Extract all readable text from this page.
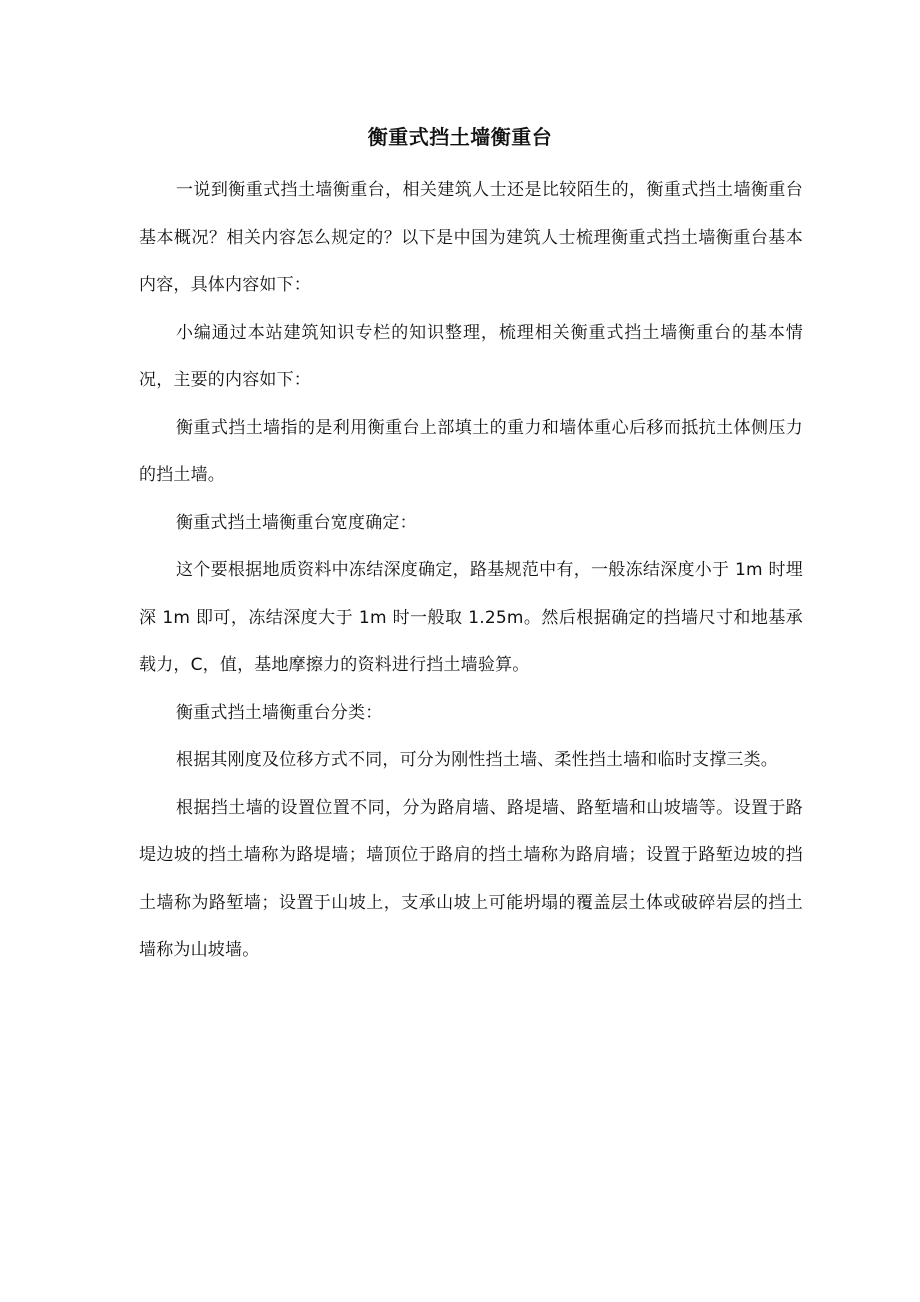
衡重式挡土墙衡重台

一说到衡重式挡土墙衡重台，相关建筑人士还是比较陌生的，衡重式挡土墙衡重台基本概况？相关内容怎么规定的？以下是中国为建筑人士梳理衡重式挡土墙衡重台基本内容，具体内容如下：

小编通过本站建筑知识专栏的知识整理，梳理相关衡重式挡土墙衡重台的基本情况，主要的内容如下：

衡重式挡土墙指的是利用衡重台上部填土的重力和墙体重心后移而抵抗土体侧压力的挡土墙。

衡重式挡土墙衡重台宽度确定：

这个要根据地质资料中冻结深度确定，路基规范中有，一般冻结深度小于 1m 时埋深 1m 即可，冻结深度大于 1m 时一般取 1.25m。然后根据确定的挡墙尺寸和地基承载力，C，值，基地摩擦力的资料进行挡土墙验算。

衡重式挡土墙衡重台分类：

根据其刚度及位移方式不同，可分为刚性挡土墙、柔性挡土墙和临时支撑三类。

根据挡土墙的设置位置不同，分为路肩墙、路堤墙、路堑墙和山坡墙等。设置于路堤边坡的挡土墙称为路堤墙；墙顶位于路肩的挡土墙称为路肩墙；设置于路堑边坡的挡土墙称为路堑墙；设置于山坡上，支承山坡上可能坍塌的覆盖层土体或破碎岩层的挡土墙称为山坡墙。
